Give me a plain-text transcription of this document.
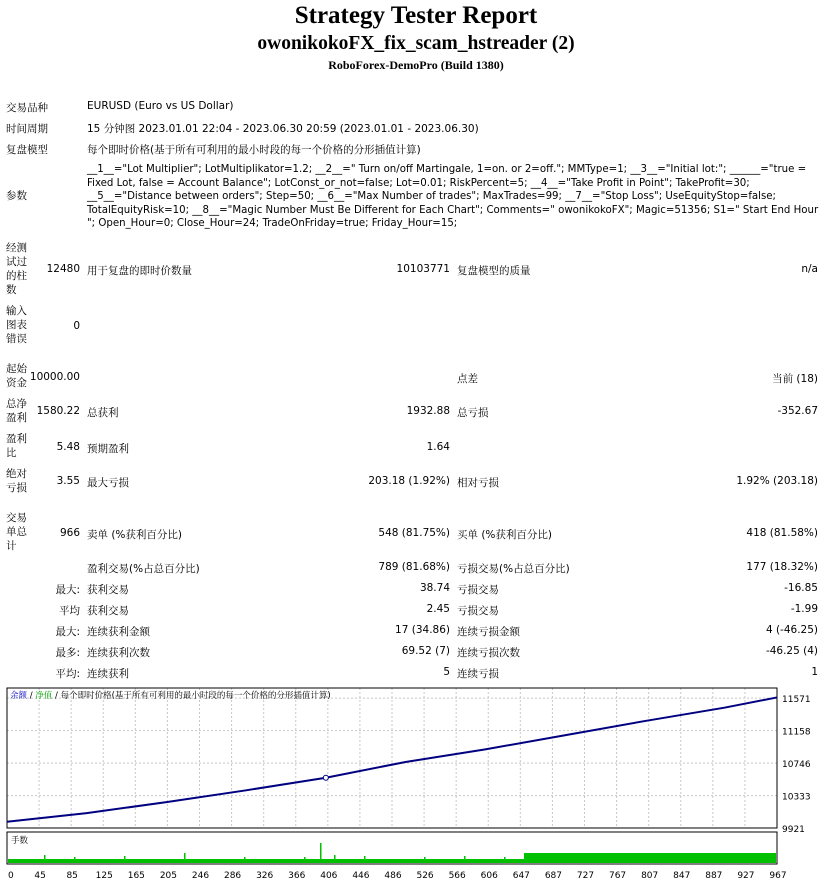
Strategy Tester Report
owonikokoFX_fix_scam_hstreader (2)
RoboForex-DemoPro (Build 1380)
交易品种	EURUSD (Euro vs US Dollar)
时间周期	15 分钟图 2023.01.01 22:04 - 2023.06.30 20:59 (2023.01.01 - 2023.06.30)
复盘模型	每个即时价格(基于所有可利用的最小时段的每一个价格的分形插值计算)
参数
__1__="Lot Multiplier"; LotMultiplikator=1.2; __2__=" Turn on/off Martingale, 1=on. or 2=off."; MMType=1; __3__="Initial lot:"; ______="true = Fixed Lot, false = Account Balance"; LotConst_or_not=false; Lot=0.01; RiskPercent=5; __4__="Take Profit in Point"; TakeProfit=30; __5__="Distance between orders"; Step=50; __6__="Max Number of trades"; MaxTrades=99; __7__="Stop Loss"; UseEquityStop=false; TotalEquityRisk=10; __8__="Magic Number Must Be Different for Each Chart"; Comments=" owonikokoFX"; Magic=51356; S1=" Start End Hour "; Open_Hour=0; Close_Hour=24; TradeOnFriday=true; Friday_Hour=15;
经测
试过
的柱
数
12480 用于复盘的即时价数量	10103771 复盘模型的质量	n/a
输入
图表
错误
0
起始
资金 10000.00	点差	当前 (18)
总净
盈利
1580.22 总获利	1932.88 总亏损	-352.67
盈利
比	5.48 预期盈利	1.64
绝对
亏损
3.55 最大亏损	203.18 (1.92%) 相对亏损	1.92% (203.18)
交易
单总
计
966 卖单 (%获利百分比)	548 (81.75%) 买单 (%获利百分比)	418 (81.58%)
盈利交易(%占总百分比)	789 (81.68%) 亏损交易(%占总百分比)	177 (18.32%)
最大: 获利交易	38.74 亏损交易	-16.85
平均 获利交易	2.45 亏损交易	-1.99
最大: 连续获利金额	17 (34.86) 连续亏损金额	4 (-46.25)
最多: 连续获利次数	69.52 (7) 连续亏损次数	-46.25 (4)
平均: 连续获利	5 连续亏损	1
余额 / 净值 / 每个即时价格(基于所有可利用的最小时段的每一个价格的分形插值计算)	11571
11158
10746
10333
9921
手数
0 45 85 125 165 205 246 286 326 366 406 446 486 526 566 606 647 687 727 767 807 847 887 927 967
